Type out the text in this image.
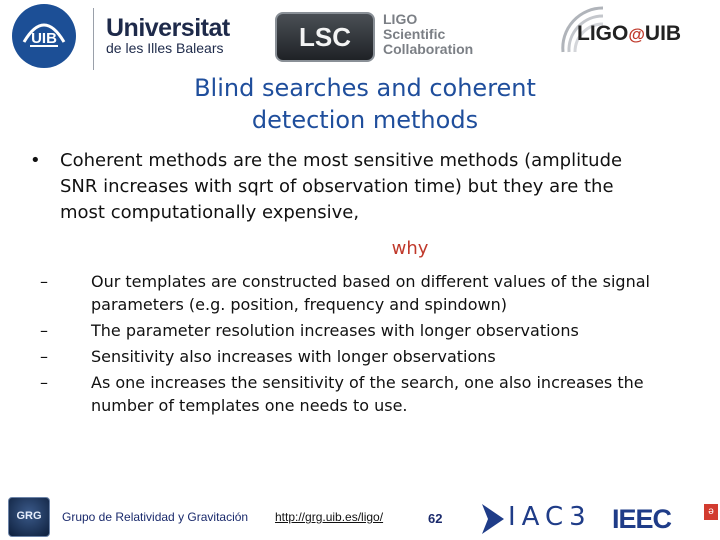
UIB	Universitat
de les Illes Balears	LSC
LIGO
Scientific
Collaboration
LIGO@UIB
Blind searches and coherent
detection methods
• Coherent methods are the most sensitive methods (amplitude
SNR increases with sqrt of observation time) but they are the
most computationally expensive,
why
–	Our templates are constructed based on different values of the signal
parameters (e.g. position, frequency and spindown)
–	The parameter resolution increases with longer observations
–	Sensitivity also increases with longer observations
–	As one increases the sensitivity of the search, one also increases the
number of templates one needs to use.
GRG	Grupo de Relatividad y Gravitación http://grg.uib.es/ligo/	62	IAC3 IEEC	ǝ
